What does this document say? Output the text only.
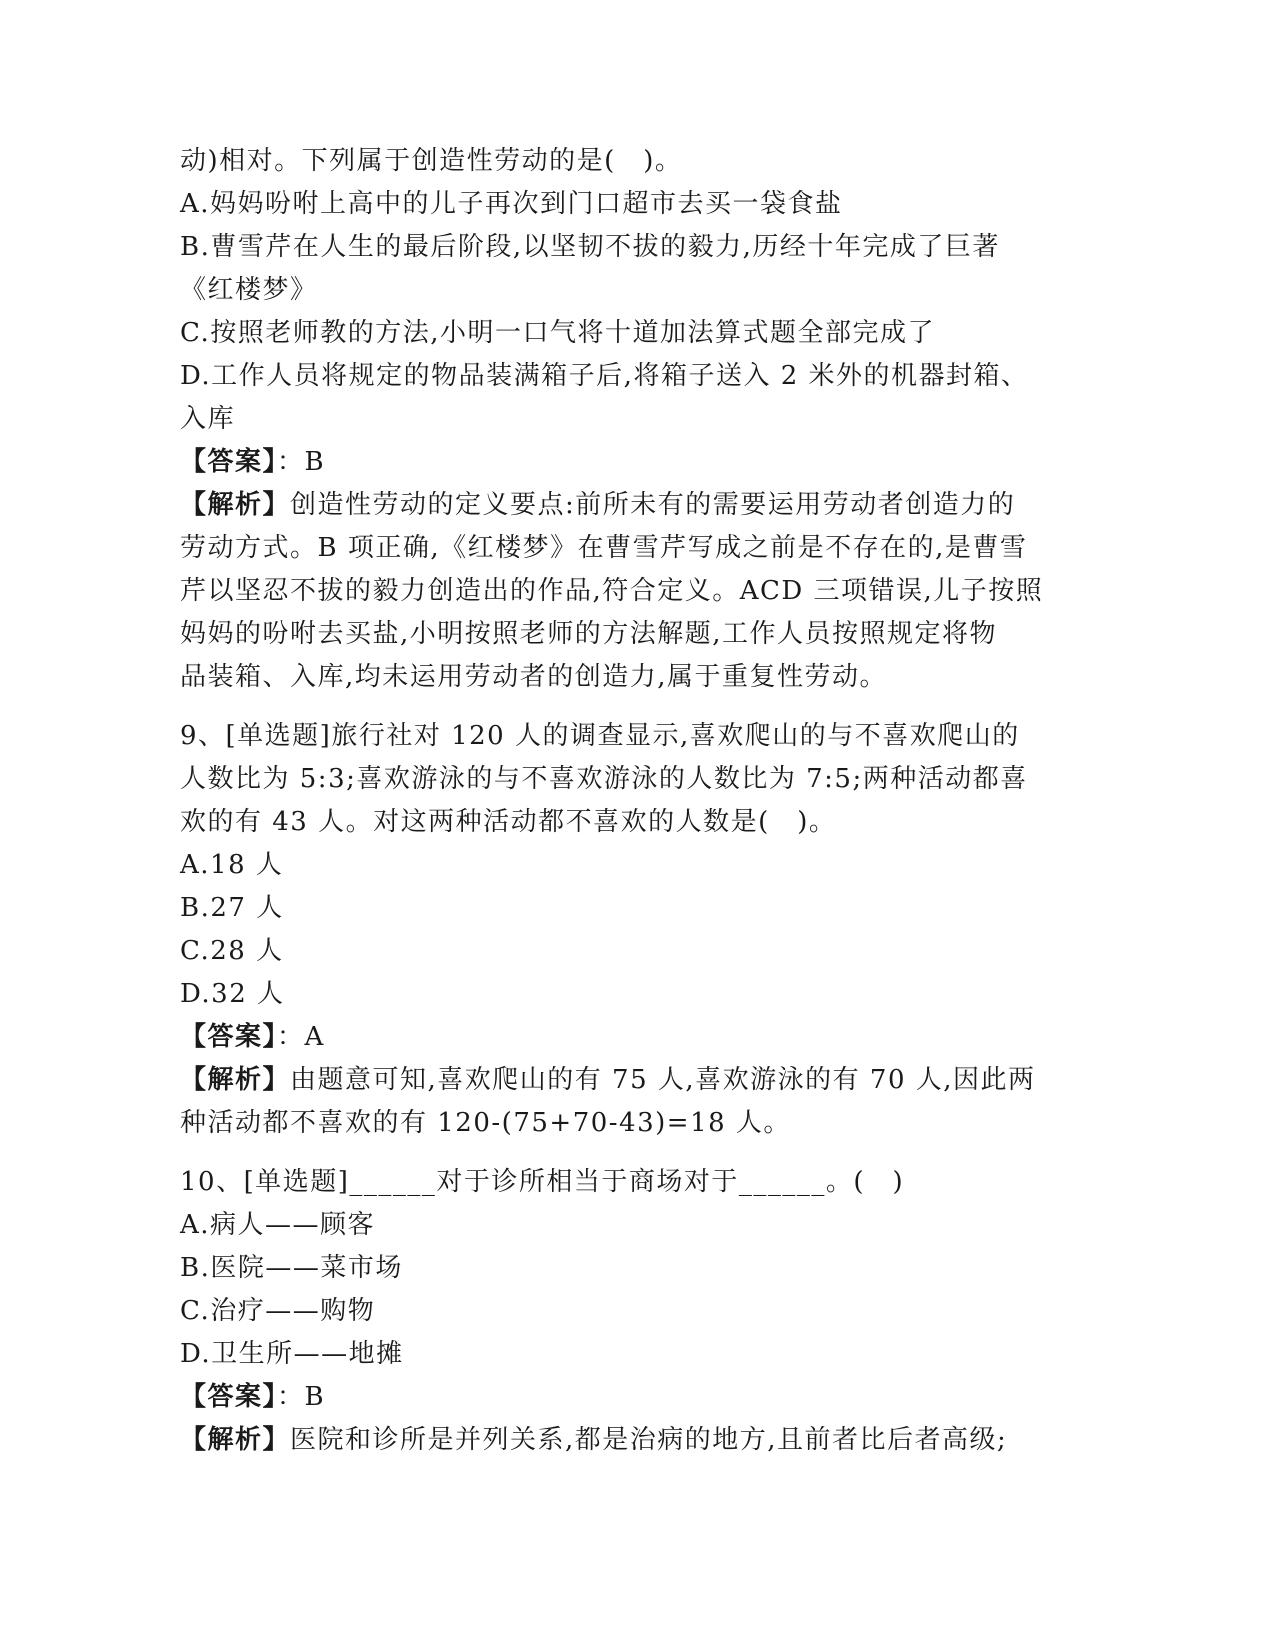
动)相对。下列属于创造性劳动的是(　)。
A.妈妈吩咐上高中的儿子再次到门口超市去买一袋食盐
B.曹雪芹在人生的最后阶段,以坚韧不拔的毅力,历经十年完成了巨著
《红楼梦》
C.按照老师教的方法,小明一口气将十道加法算式题全部完成了
D.工作人员将规定的物品装满箱子后,将箱子送入 2 米外的机器封箱、
入库
【答案】：B
【解析】创造性劳动的定义要点:前所未有的需要运用劳动者创造力的
劳动方式。B 项正确,《红楼梦》在曹雪芹写成之前是不存在的,是曹雪
芹以坚忍不拔的毅力创造出的作品,符合定义。ACD 三项错误,儿子按照
妈妈的吩咐去买盐,小明按照老师的方法解题,工作人员按照规定将物
品装箱、入库,均未运用劳动者的创造力,属于重复性劳动。
9、[单选题]旅行社对 120 人的调查显示,喜欢爬山的与不喜欢爬山的
人数比为 5:3;喜欢游泳的与不喜欢游泳的人数比为 7:5;两种活动都喜
欢的有 43 人。对这两种活动都不喜欢的人数是(　)。
A.18 人
B.27 人
C.28 人
D.32 人
【答案】：A
【解析】由题意可知,喜欢爬山的有 75 人,喜欢游泳的有 70 人,因此两
种活动都不喜欢的有 120-(75+70-43)=18 人。
10、[单选题]______对于诊所相当于商场对于______。(　)
A.病人——顾客
B.医院——菜市场
C.治疗——购物
D.卫生所——地摊
【答案】：B
【解析】医院和诊所是并列关系,都是治病的地方,且前者比后者高级;
